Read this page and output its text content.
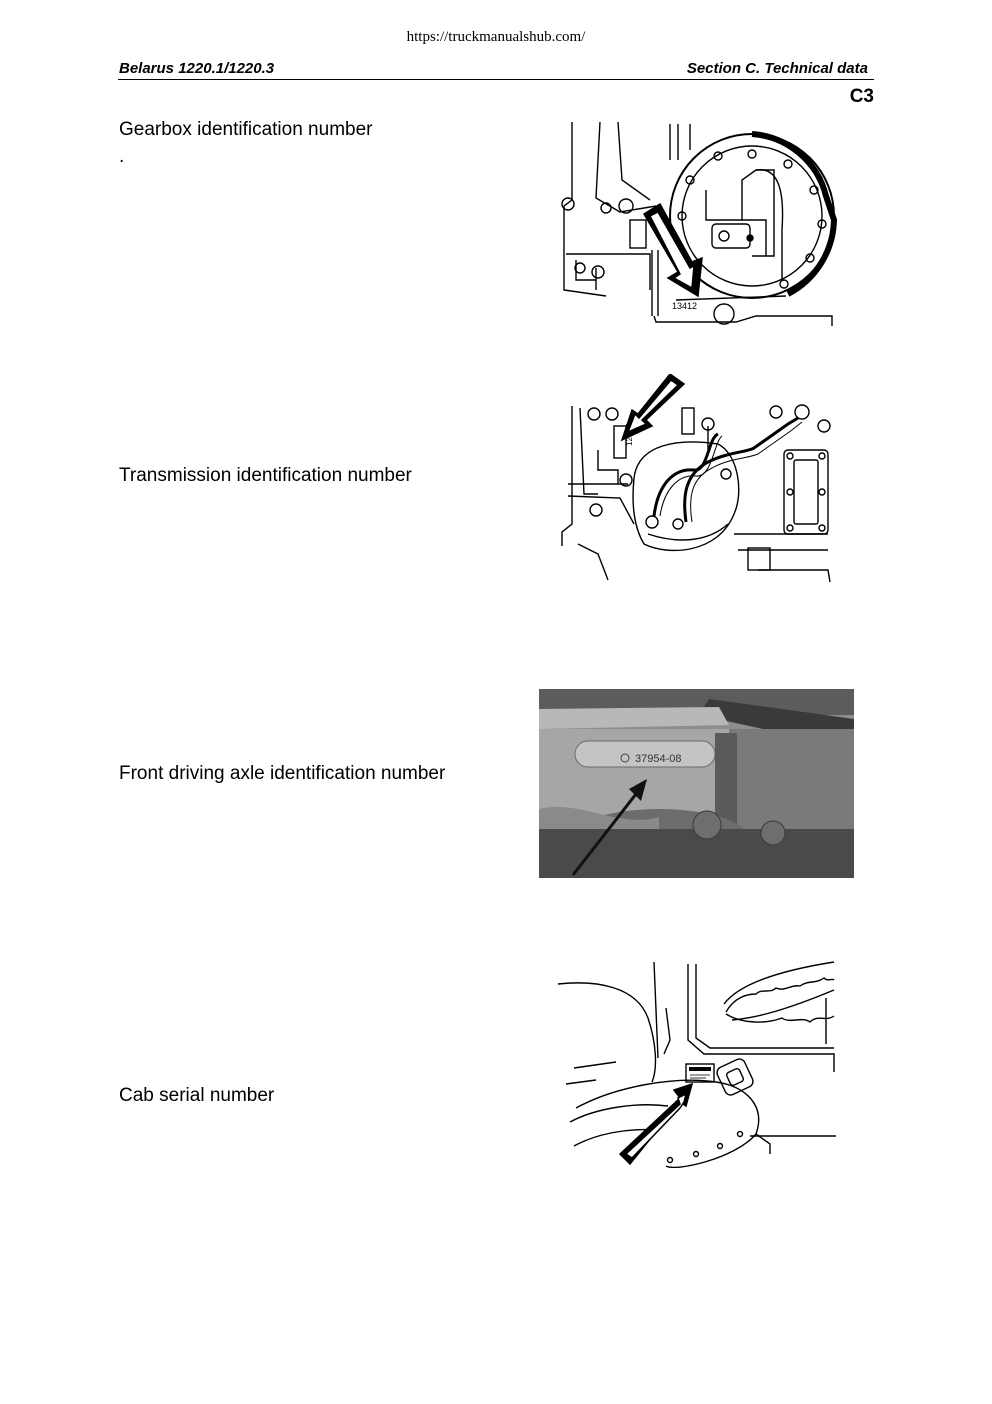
https://truckmanualshub.com/
Belarus 1220.1/1220.3	Section C. Technical data
C3
Gearbox identification number
.
13412
Transmission identification number
Front driving axle identification number
37954-08
Cab serial number
